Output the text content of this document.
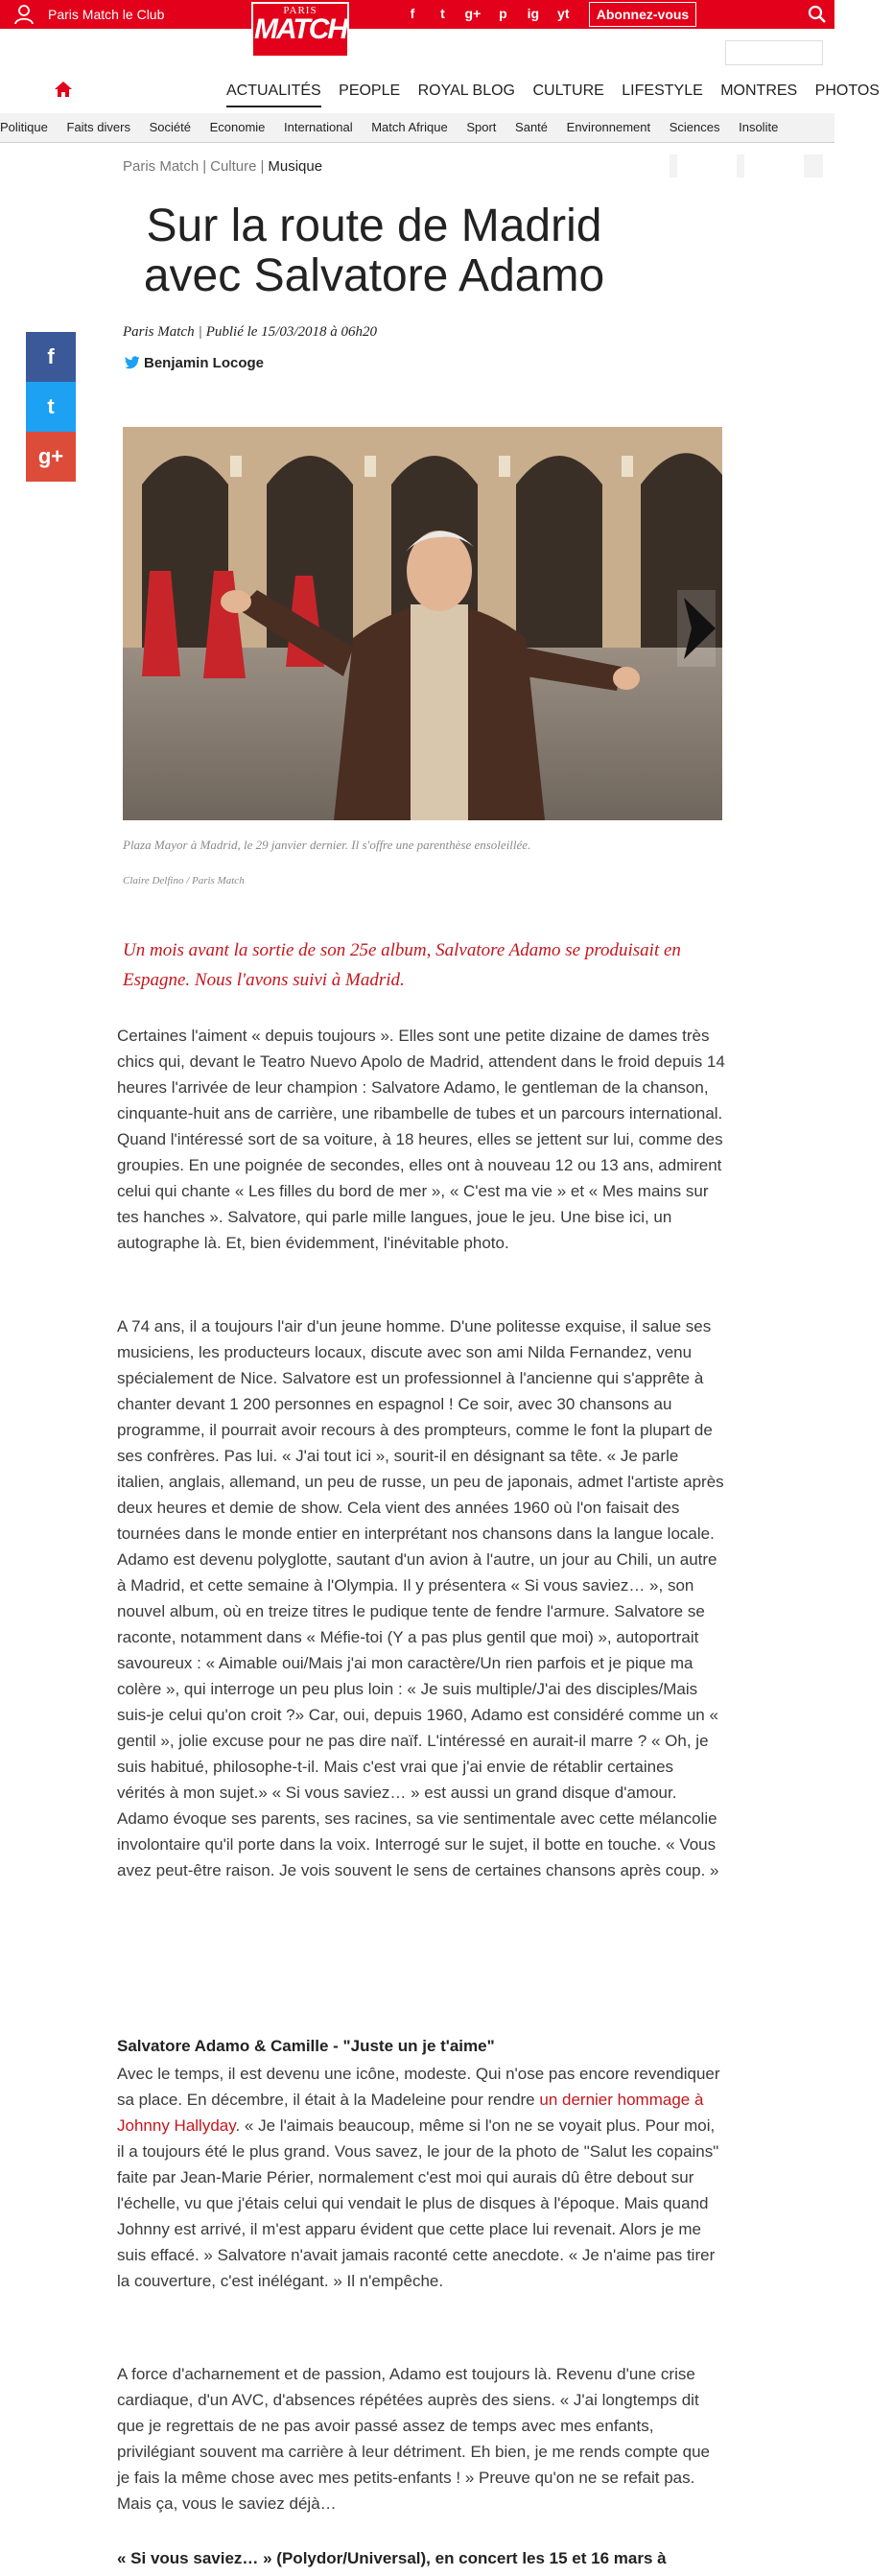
Paris Match le Club	f t g+ p ig yt	Abonnez-vous
PARIS
MATCH
ACTUALITÉS PEOPLE ROYAL BLOG CULTURE LIFESTYLE MONTRES PHOTOS
Politique Faits divers Société Economie International Match Afrique Sport Santé Environnement Sciences Insolite
Paris Match | Culture | Musique
Sur la route de Madrid avec Salvatore Adamo
Paris Match | Publié le 15/03/2018 à 06h20
Benjamin Locoge
f
t
g+
Plaza Mayor à Madrid, le 29 janvier dernier. Il s'offre une parenthèse ensoleillée.
Claire Delfino / Paris Match

Un mois avant la sortie de son 25e album, Salvatore Adamo se produisait en Espagne. Nous l'avons suivi à Madrid.

Certaines l'aiment « depuis toujours ». Elles sont une petite dizaine de dames très chics qui, devant le Teatro Nuevo Apolo de Madrid, attendent dans le froid depuis 14 heures l'arrivée de leur champion : Salvatore Adamo, le gentleman de la chanson, cinquante-huit ans de carrière, une ribambelle de tubes et un parcours international. Quand l'intéressé sort de sa voiture, à 18 heures, elles se jettent sur lui, comme des groupies. En une poignée de secondes, elles ont à nouveau 12 ou 13 ans, admirent celui qui chante « Les filles du bord de mer », « C'est ma vie » et « Mes mains sur tes hanches ». Salvatore, qui parle mille langues, joue le jeu. Une bise ici, un autographe là. Et, bien évidemment, l'inévitable photo.

A 74 ans, il a toujours l'air d'un jeune homme. D'une politesse exquise, il salue ses musiciens, les producteurs locaux, discute avec son ami Nilda Fernandez, venu spécialement de Nice. Salvatore est un professionnel à l'ancienne qui s'apprête à chanter devant 1 200 personnes en espagnol ! Ce soir, avec 30 chansons au programme, il pourrait avoir recours à des prompteurs, comme le font la plupart de ses confrères. Pas lui. « J'ai tout ici », sourit-il en désignant sa tête. « Je parle italien, anglais, allemand, un peu de russe, un peu de japonais, admet l'artiste après deux heures et demie de show. Cela vient des années 1960 où l'on faisait des tournées dans le monde entier en interprétant nos chansons dans la langue locale. Adamo est devenu polyglotte, sautant d'un avion à l'autre, un jour au Chili, un autre à Madrid, et cette semaine à l'Olympia. Il y présentera « Si vous saviez… », son nouvel album, où en treize titres le pudique tente de fendre l'armure. Salvatore se raconte, notamment dans « Méfie-toi (Y a pas plus gentil que moi) », autoportrait savoureux : « Aimable oui/Mais j'ai mon caractère/Un rien parfois et je pique ma colère », qui interroge un peu plus loin : « Je suis multiple/J'ai des disciples/Mais suis-je celui qu'on croit ?» Car, oui, depuis 1960, Adamo est considéré comme un « gentil », jolie excuse pour ne pas dire naïf. L'intéressé en aurait-il marre ? « Oh, je suis habitué, philosophe-t-il. Mais c'est vrai que j'ai envie de rétablir certaines vérités à mon sujet.» « Si vous saviez… » est aussi un grand disque d'amour. Adamo évoque ses parents, ses racines, sa vie sentimentale avec cette mélancolie involontaire qu'il porte dans la voix. Interrogé sur le sujet, il botte en touche. « Vous avez peut-être raison. Je vois souvent le sens de certaines chansons après coup. »

Salvatore Adamo & Camille - "Juste un je t'aime"

Avec le temps, il est devenu une icône, modeste. Qui n'ose pas encore revendiquer sa place. En décembre, il était à la Madeleine pour rendre un dernier hommage à Johnny Hallyday. « Je l'aimais beaucoup, même si l'on ne se voyait plus. Pour moi, il a toujours été le plus grand. Vous savez, le jour de la photo de "Salut les copains" faite par Jean-Marie Périer, normalement c'est moi qui aurais dû être debout sur l'échelle, vu que j'étais celui qui vendait le plus de disques à l'époque. Mais quand Johnny est arrivé, il m'est apparu évident que cette place lui revenait. Alors je me suis effacé. » Salvatore n'avait jamais raconté cette anecdote. « Je n'aime pas tirer la couverture, c'est inélégant. » Il n'empêche.

A force d'acharnement et de passion, Adamo est toujours là. Revenu d'une crise cardiaque, d'un AVC, d'absences répétées auprès des siens. « J'ai longtemps dit que je regrettais de ne pas avoir passé assez de temps avec mes enfants, privilégiant souvent ma carrière à leur détriment. Eh bien, je me rends compte que je fais la même chose avec mes petits-enfants ! » Preuve qu'on ne se refait pas. Mais ça, vous le saviez déjà…

« Si vous saviez… » (Polydor/Universal), en concert les 15 et 16 mars à
